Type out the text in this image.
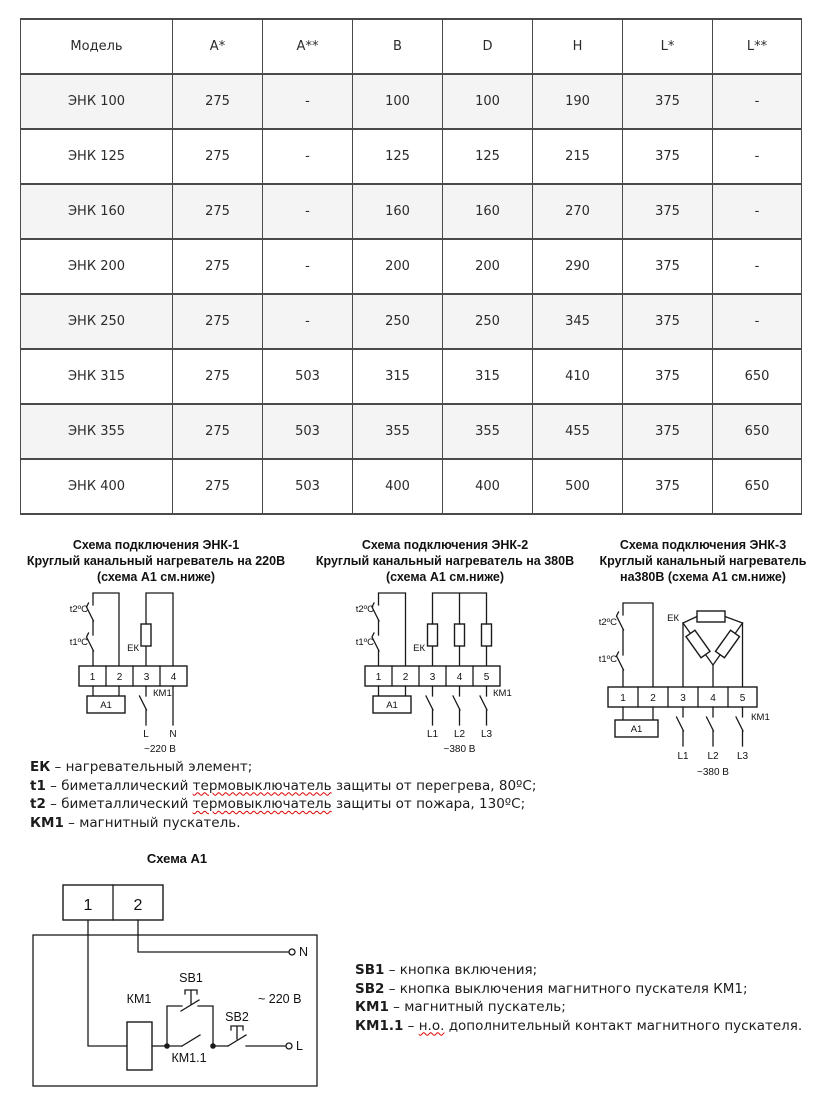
Модель	A*	A**	B	D	H	L*	L**
ЭНК 100	275	-	100	100	190	375	-
ЭНК 125	275	-	125	125	215	375	-
ЭНК 160	275	-	160	160	270	375	-
ЭНК 200	275	-	200	200	290	375	-
ЭНК 250	275	-	250	250	345	375	-
ЭНК 315	275	503	315	315	410	375	650
ЭНК 355	275	503	355	355	455	375	650
ЭНК 400	275	503	400	400	500	375	650
Схема подключения ЭНК-1
Круглый канальный нагреватель на 220В
(схема А1 см.ниже)
Схема подключения ЭНК-2
Круглый канальный нагреватель на 380В
(схема А1 см.ниже)
Схема подключения ЭНК-3
Круглый канальный нагреватель
на380В (схема А1 см.ниже)
t2ºC
t1ºC
ЕК
1 2 3 4
А1
КМ1
L N
~220 В
t2ºC
t1ºC
ЕК
1 2 3 4 5
А1
КМ1
L1 L2 L3
~380 В
t2ºC
t1ºC
ЕК
1 2 3 4 5
А1
КМ1
L1 L2 L3
~380 В
ЕК – нагревательный элемент;
t1 – биметаллический термовыключатель защиты от перегрева, 80ºС;
t2 – биметаллический термовыключатель защиты от пожара, 130ºС;
КМ1 – магнитный пускатель.
Схема А1
1	2
N
КМ1
КМ1.1
SB1
SB2
L
~ 220 В
SB1 – кнопка включения;
SB2 – кнопка выключения магнитного пускателя КМ1;
КМ1 – магнитный пускатель;
КМ1.1 – н.о. дополнительный контакт магнитного пускателя.
